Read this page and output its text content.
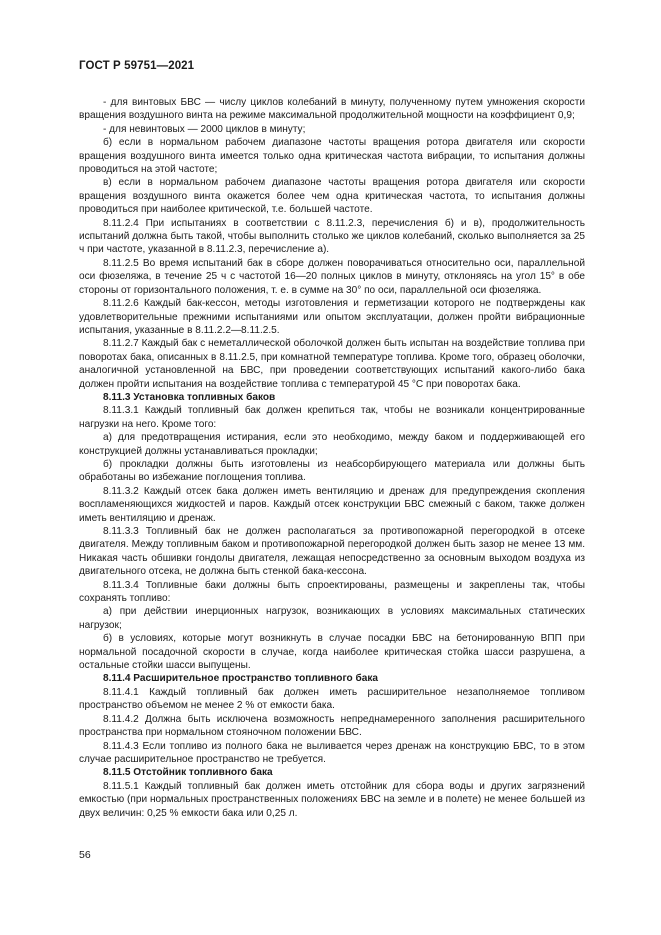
ГОСТ Р 59751—2021

- для винтовых БВС — числу циклов колебаний в минуту, полученному путем умножения скорости вращения воздушного винта на режиме максимальной продолжительной мощности на коэффициент 0,9;

- для невинтовых — 2000 циклов в минуту;

б) если в нормальном рабочем диапазоне частоты вращения ротора двигателя или скорости вращения воздушного винта имеется только одна критическая частота вибрации, то испытания должны проводиться на этой частоте;

в) если в нормальном рабочем диапазоне частоты вращения ротора двигателя или скорости вращения воздушного винта окажется более чем одна критическая частота, то испытания должны проводиться при наиболее критической, т.е. большей частоте.

8.11.2.4 При испытаниях в соответствии с 8.11.2.3, перечисления б) и в), продолжительность испытаний должна быть такой, чтобы выполнить столько же циклов колебаний, сколько выполняется за 25 ч при частоте, указанной в 8.11.2.3, перечисление а).

8.11.2.5 Во время испытаний бак в сборе должен поворачиваться относительно оси, параллельной оси фюзеляжа, в течение 25 ч с частотой 16—20 полных циклов в минуту, отклоняясь на угол 15° в обе стороны от горизонтального положения, т. е. в сумме на 30° по оси, параллельной оси фюзеляжа.

8.11.2.6 Каждый бак-кессон, методы изготовления и герметизации которого не подтверждены как удовлетворительные прежними испытаниями или опытом эксплуатации, должен пройти вибрационные испытания, указанные в 8.11.2.2—8.11.2.5.

8.11.2.7 Каждый бак с неметаллической оболочкой должен быть испытан на воздействие топлива при поворотах бака, описанных в 8.11.2.5, при комнатной температуре топлива. Кроме того, образец оболочки, аналогичной установленной на БВС, при проведении соответствующих испытаний какого-либо бака должен пройти испытания на воздействие топлива с температурой 45 °С при поворотах бака.

8.11.3 Установка топливных баков

8.11.3.1 Каждый топливный бак должен крепиться так, чтобы не возникали концентрированные нагрузки на него. Кроме того:

а) для предотвращения истирания, если это необходимо, между баком и поддерживающей его конструкцией должны устанавливаться прокладки;

б) прокладки должны быть изготовлены из неабсорбирующего материала или должны быть обработаны во избежание поглощения топлива.

8.11.3.2 Каждый отсек бака должен иметь вентиляцию и дренаж для предупреждения скопления воспламеняющихся жидкостей и паров. Каждый отсек конструкции БВС смежный с баком, также должен иметь вентиляцию и дренаж.

8.11.3.3 Топливный бак не должен располагаться за противопожарной перегородкой в отсеке двигателя. Между топливным баком и противопожарной перегородкой должен быть зазор не менее 13 мм. Никакая часть обшивки гондолы двигателя, лежащая непосредственно за основным выходом воздуха из двигательного отсека, не должна быть стенкой бака-кессона.

8.11.3.4 Топливные баки должны быть спроектированы, размещены и закреплены так, чтобы сохранять топливо:

а) при действии инерционных нагрузок, возникающих в условиях максимальных статических нагрузок;

б) в условиях, которые могут возникнуть в случае посадки БВС на бетонированную ВПП при нормальной посадочной скорости в случае, когда наиболее критическая стойка шасси разрушена, а остальные стойки шасси выпущены.

8.11.4 Расширительное пространство топливного бака

8.11.4.1 Каждый топливный бак должен иметь расширительное незаполняемое топливом пространство объемом не менее 2 % от емкости бака.

8.11.4.2 Должна быть исключена возможность непреднамеренного заполнения расширительного пространства при нормальном стояночном положении БВС.

8.11.4.3 Если топливо из полного бака не выливается через дренаж на конструкцию БВС, то в этом случае расширительное пространство не требуется.

8.11.5 Отстойник топливного бака

8.11.5.1 Каждый топливный бак должен иметь отстойник для сбора воды и других загрязнений емкостью (при нормальных пространственных положениях БВС на земле и в полете) не менее большей из двух величин: 0,25 % емкости бака или 0,25 л.

56
